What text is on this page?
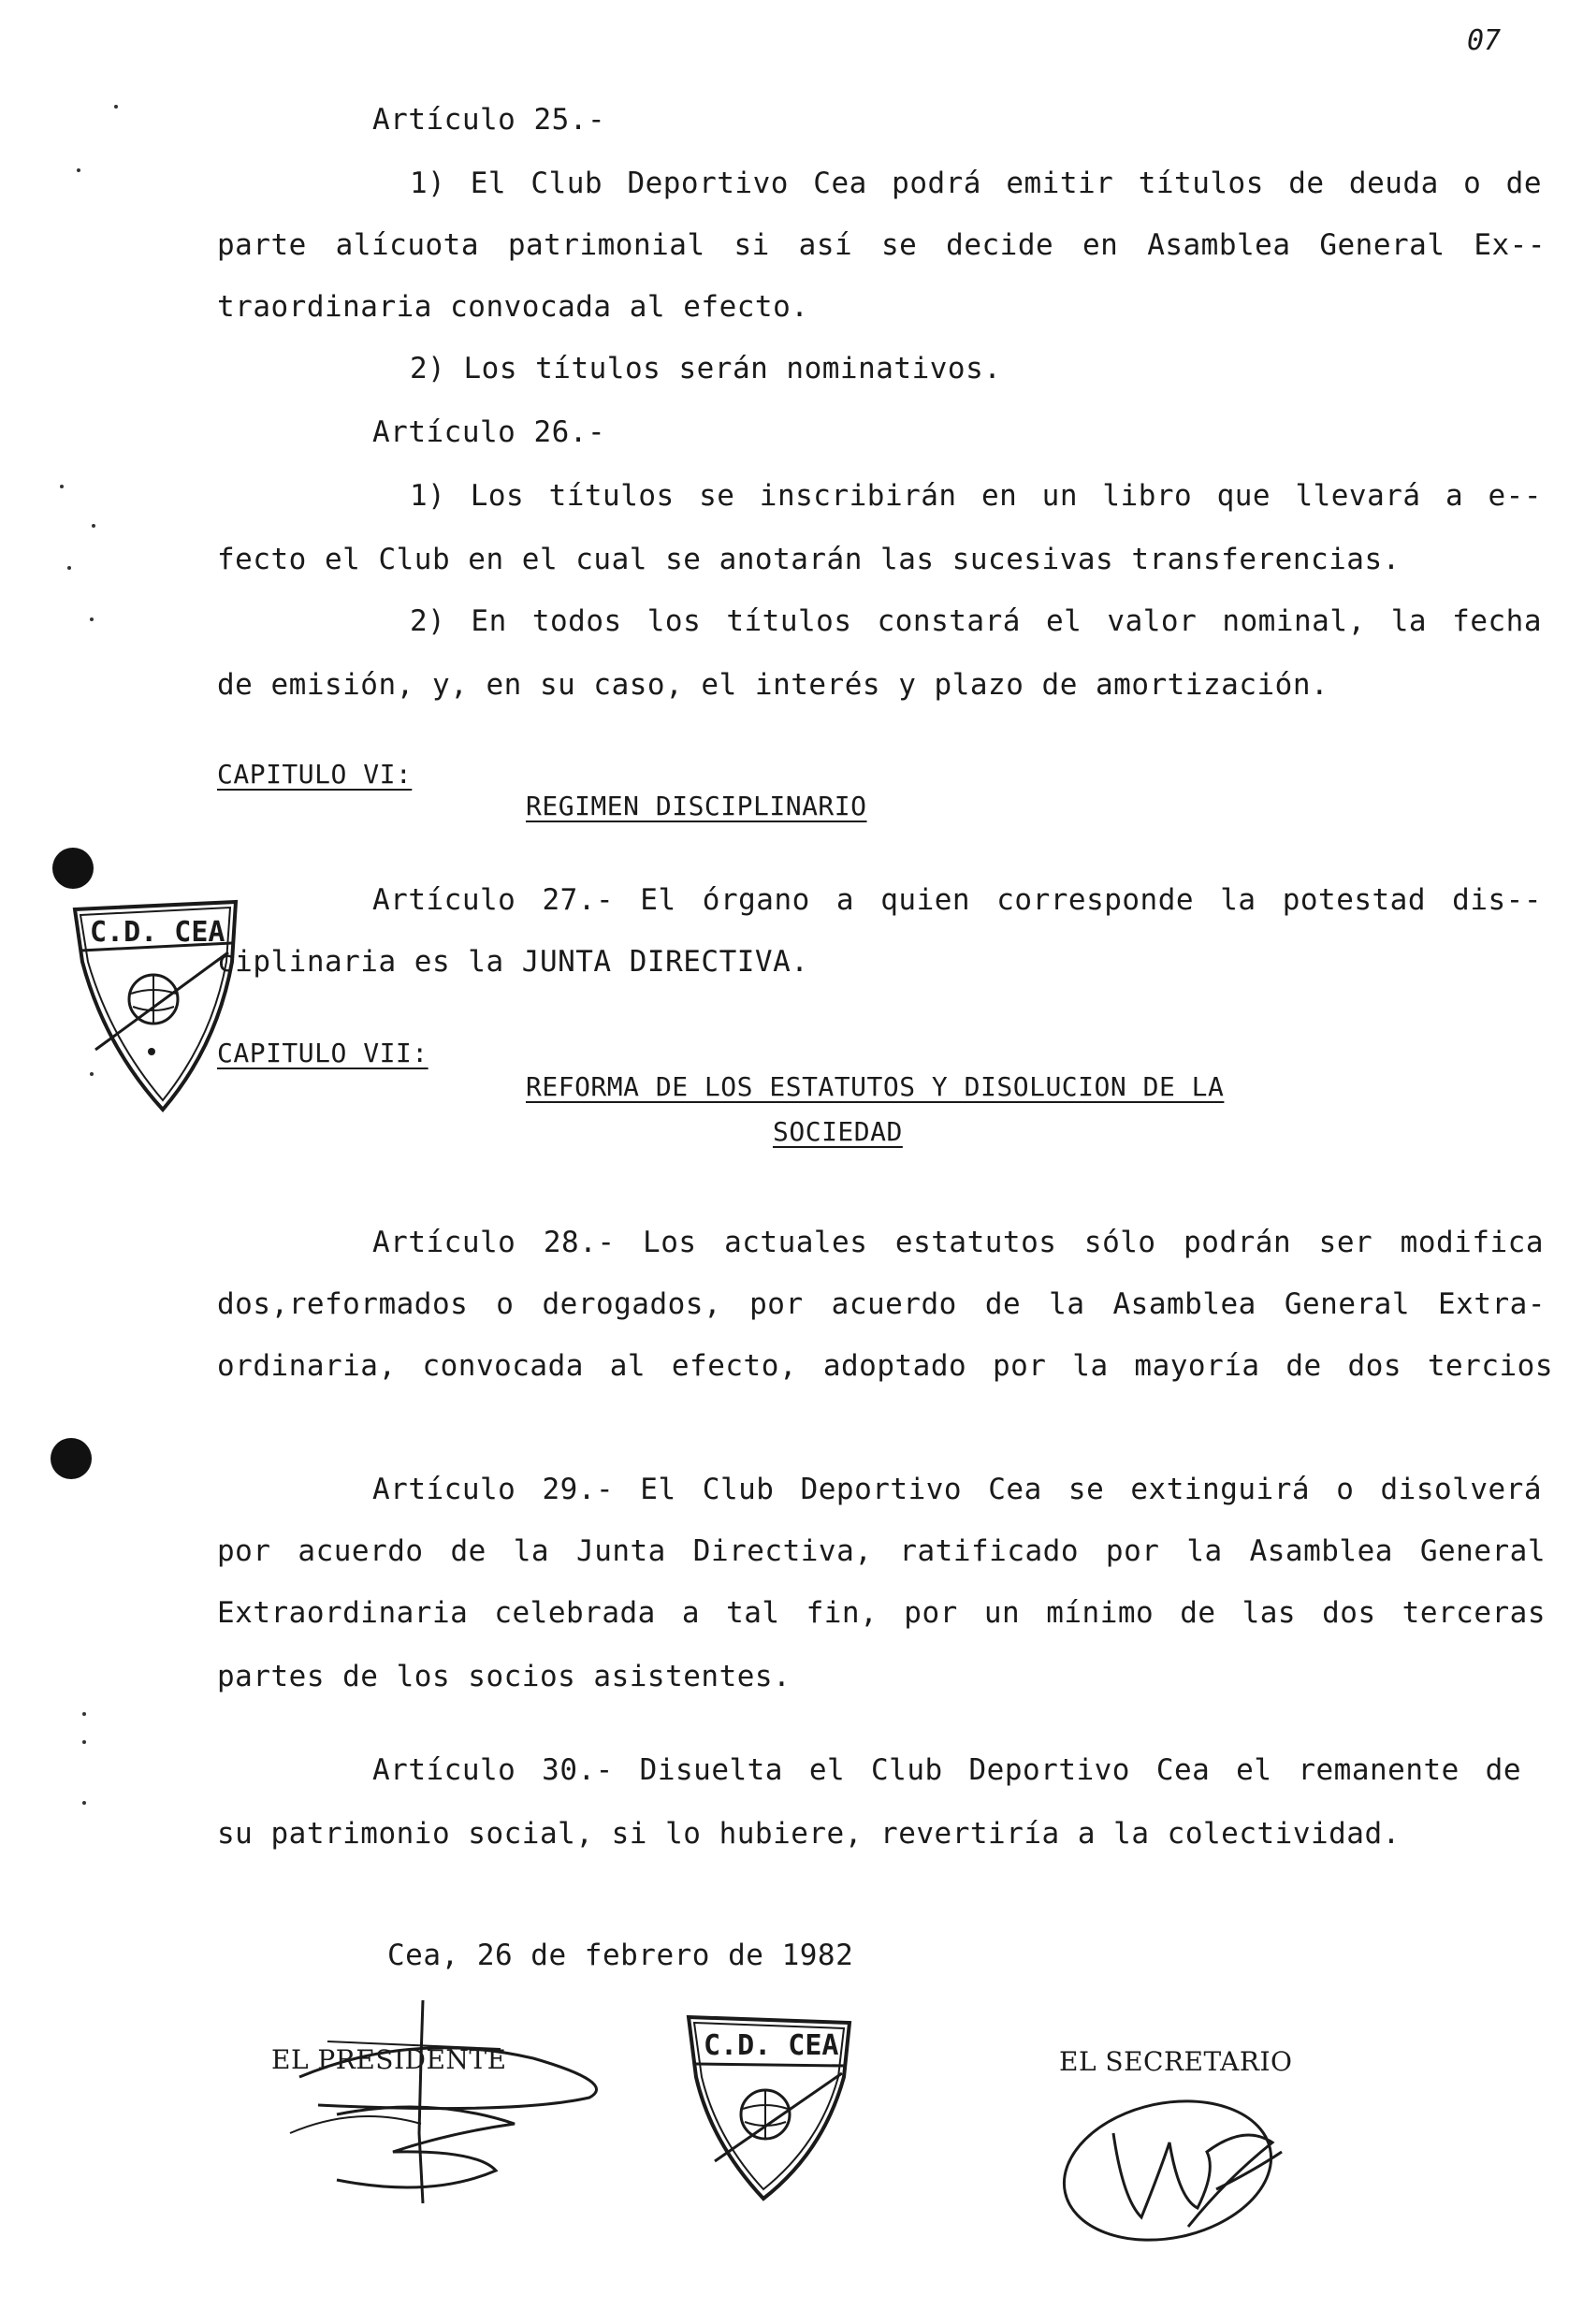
07
Artículo 25.-
1) El Club Deportivo Cea podrá emitir títulos de deuda o de
parte alícuota patrimonial si así se decide en Asamblea General Ex--
traordinaria convocada al efecto.
2) Los títulos serán nominativos.
Artículo 26.-
1) Los títulos se inscribirán en un libro que llevará a e--
fecto el Club en el cual se anotarán las sucesivas transferencias.
2) En todos los títulos constará el valor nominal, la fecha
de emisión, y, en su caso, el interés y plazo de amortización.
CAPITULO VI:
REGIMEN DISCIPLINARIO
Artículo 27.- El órgano a quien corresponde la potestad dis--
ciplinaria es la JUNTA DIRECTIVA.
CAPITULO VII:
REFORMA DE LOS ESTATUTOS Y DISOLUCION DE LA
SOCIEDAD
Artículo 28.- Los actuales estatutos sólo podrán ser modifica
dos,reformados o derogados, por acuerdo de la Asamblea General Extra-
ordinaria, convocada al efecto, adoptado por la mayoría de dos tercios
Artículo 29.- El Club Deportivo Cea se extinguirá o disolverá
por acuerdo de la Junta Directiva, ratificado por la Asamblea General
Extraordinaria celebrada a tal fin, por un mínimo de las dos terceras
partes de los socios asistentes.
Artículo 30.- Disuelta el Club Deportivo Cea el remanente de
su patrimonio social, si lo hubiere, revertiría a la colectividad.
Cea, 26 de febrero de 1982
EL PRESIDENTE	EL SECRETARIO
C.D. CEA
C.D. CEA
